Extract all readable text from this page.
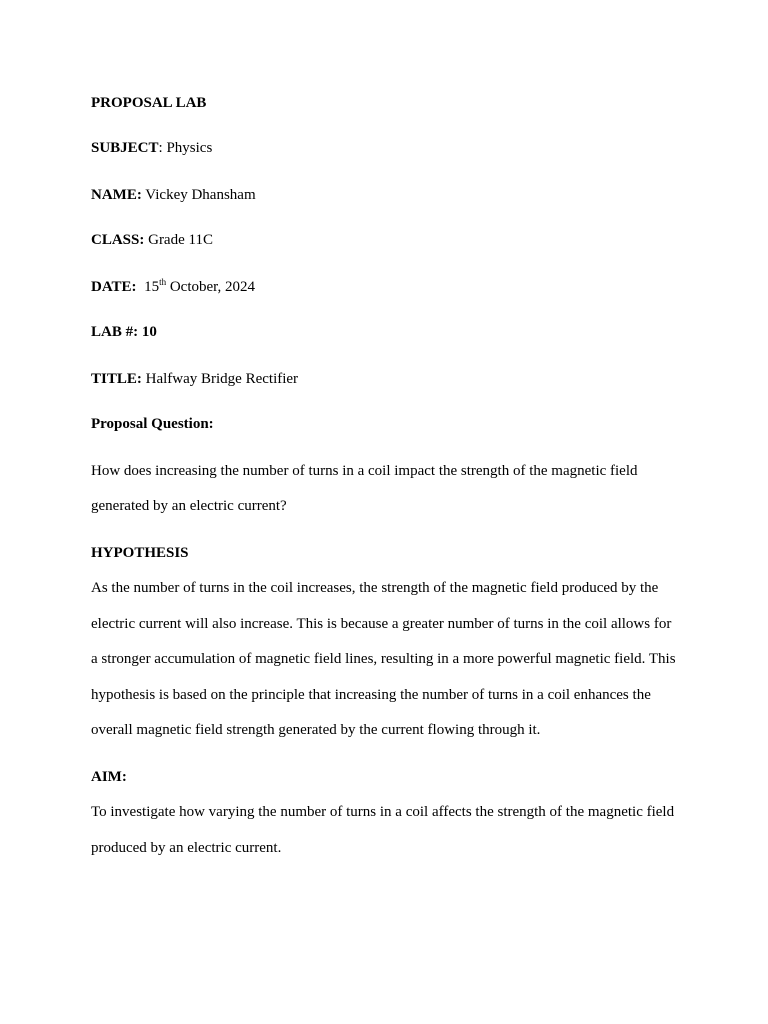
PROPOSAL LAB
SUBJECT: Physics
NAME: Vickey Dhansham
CLASS: Grade 11C
DATE: 15th October, 2024
LAB #: 10
TITLE: Halfway Bridge Rectifier
Proposal Question:
How does increasing the number of turns in a coil impact the strength of the magnetic field
generated by an electric current?
HYPOTHESIS
As the number of turns in the coil increases, the strength of the magnetic field produced by the
electric current will also increase. This is because a greater number of turns in the coil allows for
a stronger accumulation of magnetic field lines, resulting in a more powerful magnetic field. This
hypothesis is based on the principle that increasing the number of turns in a coil enhances the
overall magnetic field strength generated by the current flowing through it.
AIM:
To investigate how varying the number of turns in a coil affects the strength of the magnetic field
produced by an electric current.
